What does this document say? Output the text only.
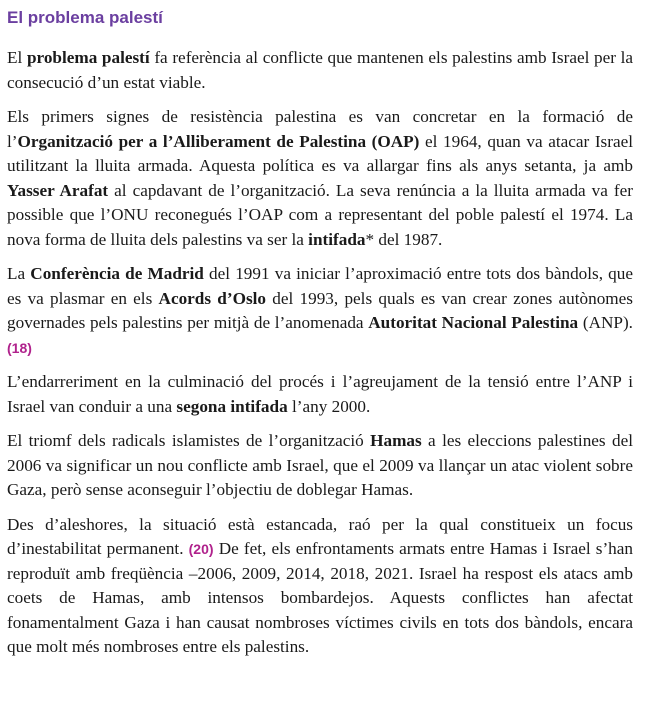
El problema palestí
El problema palestí fa referència al conflicte que mantenen els palestins amb Israel per la consecució d’un estat viable.
Els primers signes de resistència palestina es van concretar en la formació de l’Organització per a l’Alliberament de Palestina (OAP) el 1964, quan va atacar Israel utilitzant la lluita armada. Aquesta política es va allargar fins als anys setanta, ja amb Yasser Arafat al capdavant de l’organització. La seva renúncia a la lluita armada va fer possible que l’ONU reconegués l’OAP com a representant del poble palestí el 1974. La nova forma de lluita dels palestins va ser la intifada* del 1987.
La Conferència de Madrid del 1991 va iniciar l’aproximació entre tots dos bàndols, que es va plasmar en els Acords d’Oslo del 1993, pels quals es van crear zones autònomes governades pels palestins per mitjà de l’anomenada Autoritat Nacional Palestina (ANP). (18)
L’endarreriment en la culminació del procés i l’agreujament de la tensió entre l’ANP i Israel van conduir a una segona intifada l’any 2000.
El triomf dels radicals islamistes de l’organització Hamas a les eleccions palestines del 2006 va significar un nou conflicte amb Israel, que el 2009 va llançar un atac violent sobre Gaza, però sense aconseguir l’objectiu de doblegar Hamas.
Des d’aleshores, la situació està estancada, raó per la qual constitueix un focus d’inestabilitat permanent. (20) De fet, els enfrontaments armats entre Hamas i Israel s’han reproduït amb freqüència –2006, 2009, 2014, 2018, 2021. Israel ha respost els atacs amb coets de Hamas, amb intensos bombardejos. Aquests conflictes han afectat fonamentalment Gaza i han causat nombroses víctimes civils en tots dos bàndols, encara que molt més nombroses entre els palestins.
